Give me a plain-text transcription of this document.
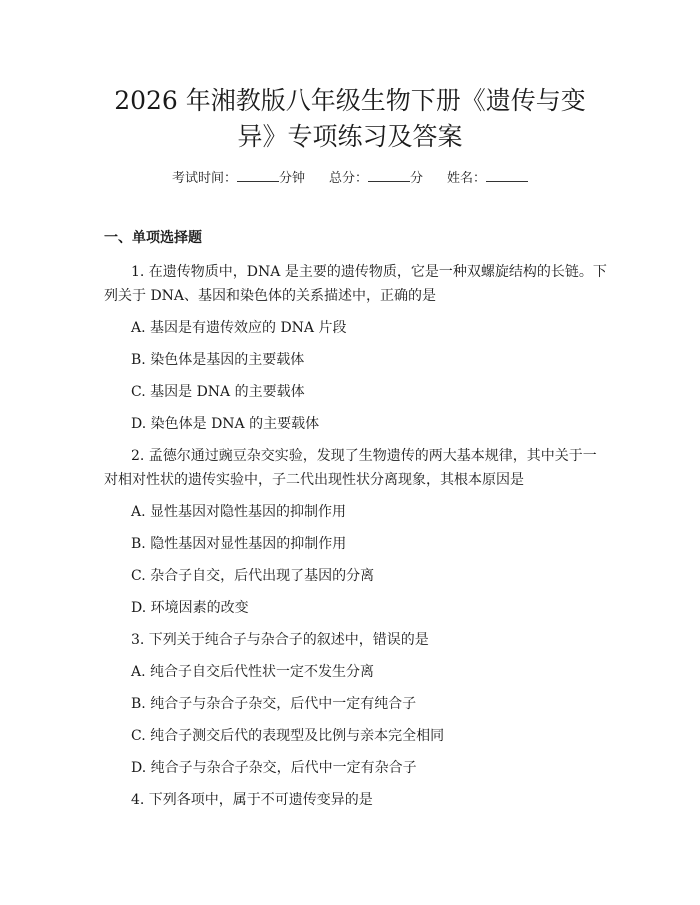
2026 年湘教版八年级生物下册《遗传与变
异》专项练习及答案
考试时间：	分钟 总分：	分 姓名：
一、单项选择题
1. 在遗传物质中，DNA 是主要的遗传物质，它是一种双螺旋结构的长链。下
列关于 DNA、基因和染色体的关系描述中，正确的是
A. 基因是有遗传效应的 DNA 片段
B. 染色体是基因的主要载体
C. 基因是 DNA 的主要载体
D. 染色体是 DNA 的主要载体
2. 孟德尔通过豌豆杂交实验，发现了生物遗传的两大基本规律，其中关于一
对相对性状的遗传实验中，子二代出现性状分离现象，其根本原因是
A. 显性基因对隐性基因的抑制作用
B. 隐性基因对显性基因的抑制作用
C. 杂合子自交，后代出现了基因的分离
D. 环境因素的改变
3. 下列关于纯合子与杂合子的叙述中，错误的是
A. 纯合子自交后代性状一定不发生分离
B. 纯合子与杂合子杂交，后代中一定有纯合子
C. 纯合子测交后代的表现型及比例与亲本完全相同
D. 纯合子与杂合子杂交，后代中一定有杂合子
4. 下列各项中，属于不可遗传变异的是
